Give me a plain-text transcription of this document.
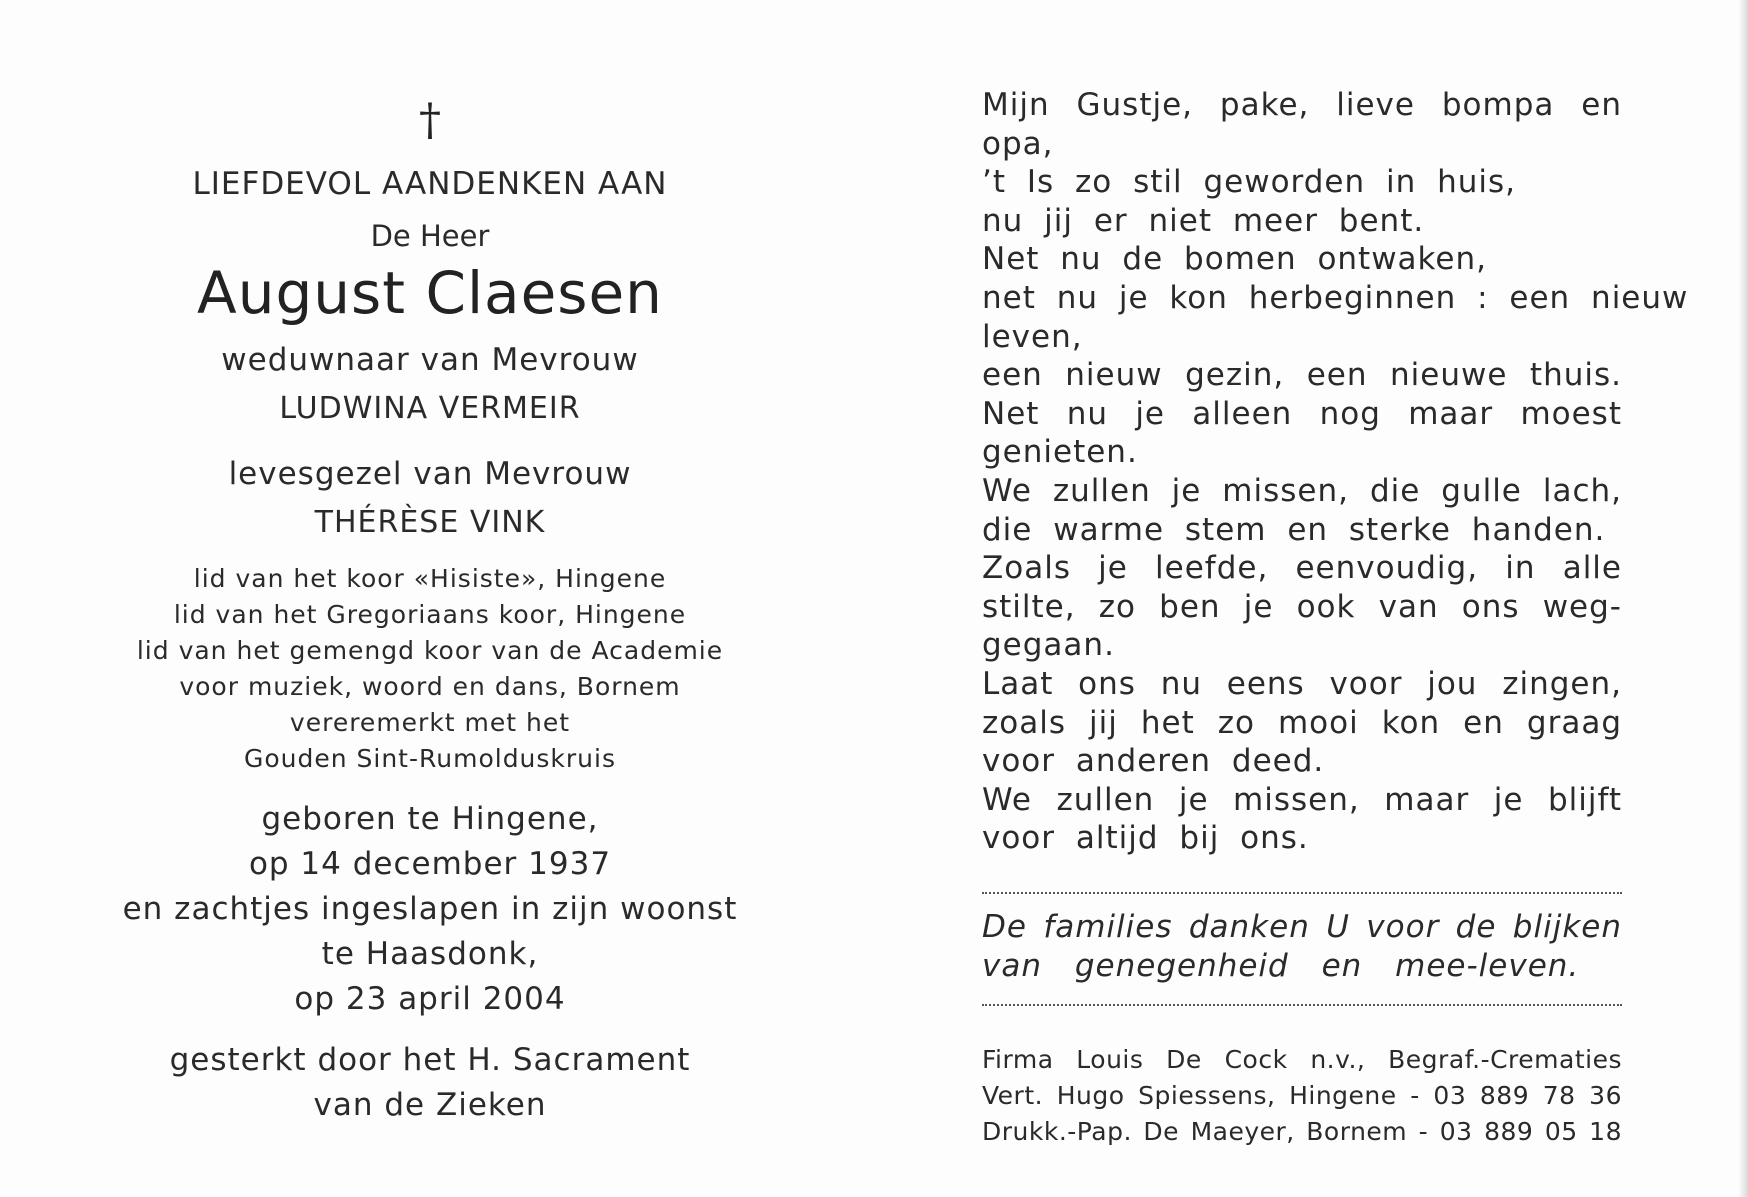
†
LIEFDEVOL AANDENKEN AAN
De Heer
August Claesen
weduwnaar van Mevrouw
LUDWINA VERMEIR
levesgezel van Mevrouw
THÉRÈSE VINK
lid van het koor «Hisiste», Hingene
lid van het Gregoriaans koor, Hingene
lid van het gemengd koor van de Academie
voor muziek, woord en dans, Bornem
vereremerkt met het
Gouden Sint-Rumolduskruis
geboren te Hingene,
op 14 december 1937
en zachtjes ingeslapen in zijn woonst
te Haasdonk,
op 23 april 2004
gesterkt door het H. Sacrament
van de Zieken
Mijn Gustje, pake, lieve bompa en
opa,
’t Is zo stil geworden in huis,
nu jij er niet meer bent.
Net nu de bomen ontwaken,
net nu je kon herbeginnen : een nieuw
leven,
een nieuw gezin, een nieuwe thuis.
Net nu je alleen nog maar moest
genieten.
We zullen je missen, die gulle lach,
die warme stem en sterke handen.
Zoals je leefde, eenvoudig, in alle
stilte, zo ben je ook van ons weg-
gegaan.
Laat ons nu eens voor jou zingen,
zoals jij het zo mooi kon en graag
voor anderen deed.
We zullen je missen, maar je blijft
voor altijd bij ons.
De families danken U voor de blijken
van genegenheid en mee-leven.
Firma Louis De Cock n.v., Begraf.-Crematies
Vert. Hugo Spiessens, Hingene - 03 889 78 36
Drukk.-Pap. De Maeyer, Bornem - 03 889 05 18
